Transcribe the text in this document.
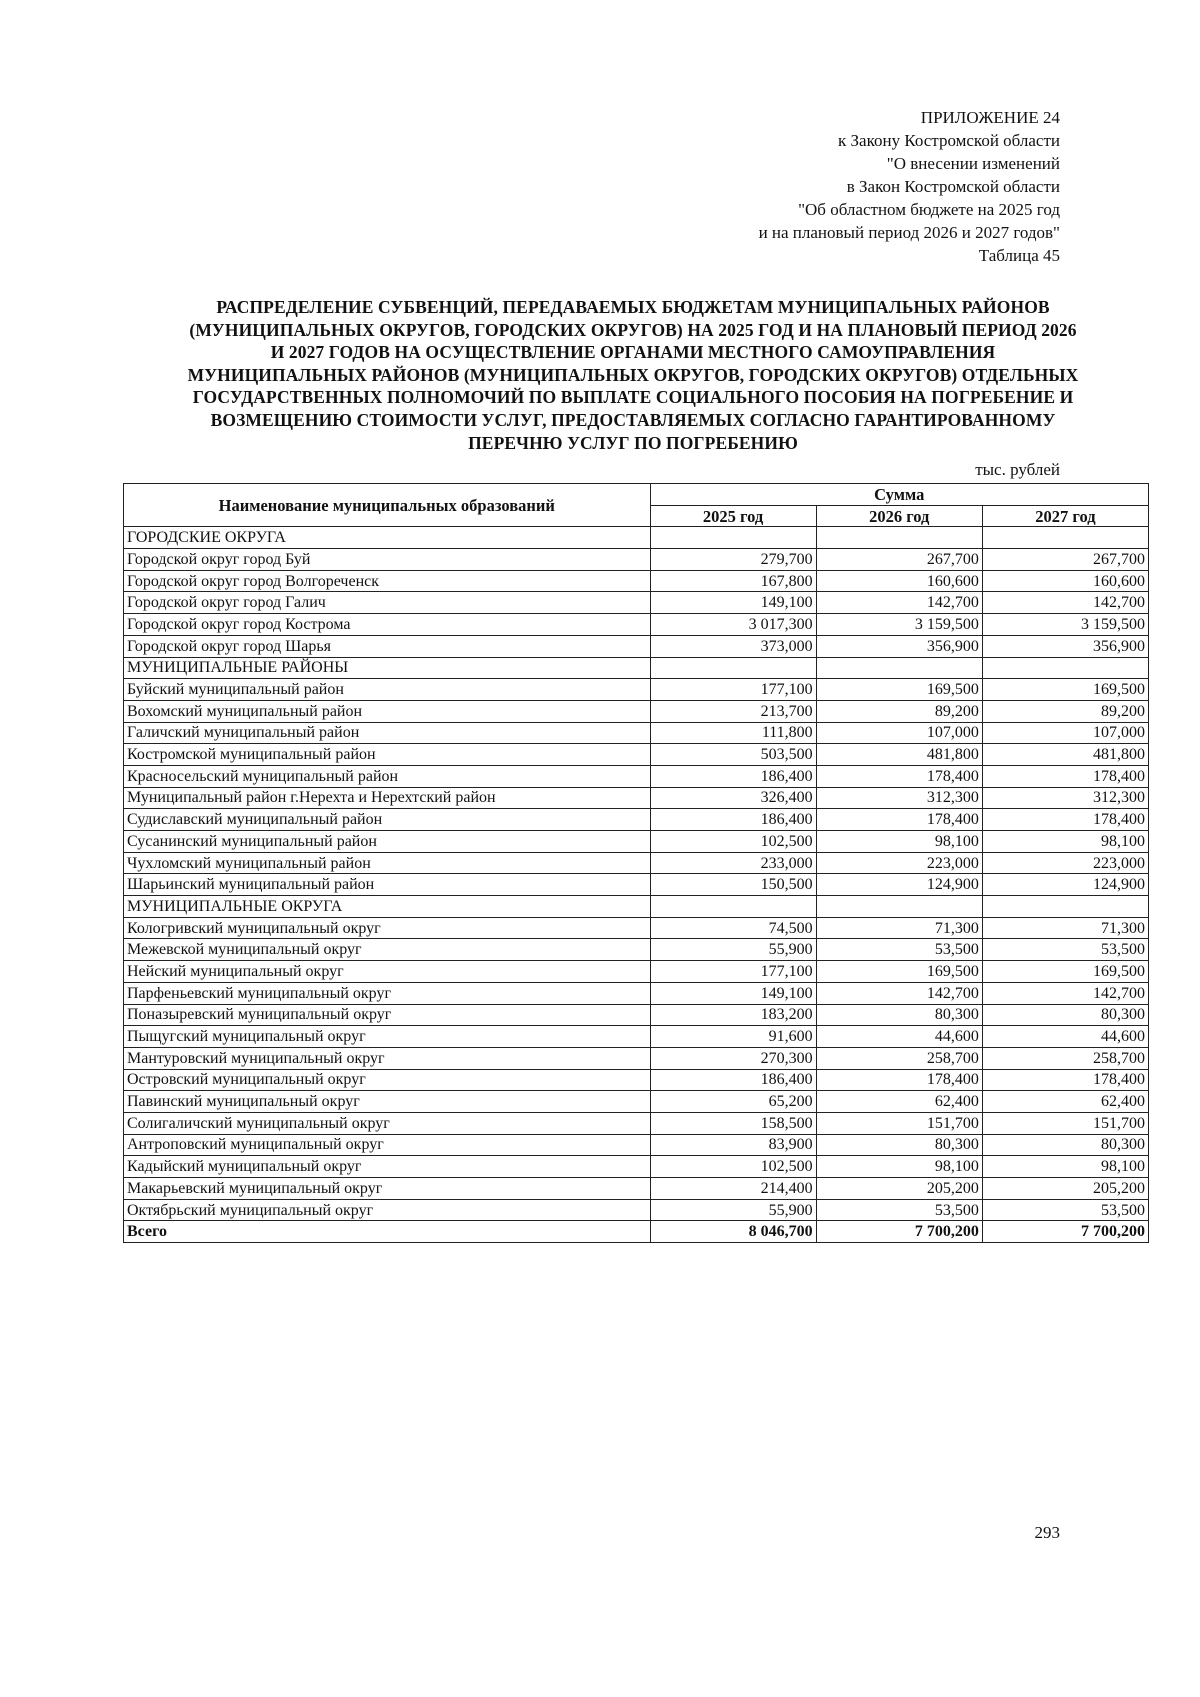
ПРИЛОЖЕНИЕ 24
к Закону Костромской области
"О внесении изменений
в Закон Костромской области
"Об областном бюджете на 2025 год
и на плановый период 2026 и 2027 годов"
Таблица 45
РАСПРЕДЕЛЕНИЕ СУБВЕНЦИЙ, ПЕРЕДАВАЕМЫХ БЮДЖЕТАМ МУНИЦИПАЛЬНЫХ РАЙОНОВ
(МУНИЦИПАЛЬНЫХ ОКРУГОВ, ГОРОДСКИХ ОКРУГОВ) НА 2025 ГОД И НА ПЛАНОВЫЙ ПЕРИОД 2026
И 2027 ГОДОВ НА ОСУЩЕСТВЛЕНИЕ ОРГАНАМИ МЕСТНОГО САМОУПРАВЛЕНИЯ
МУНИЦИПАЛЬНЫХ РАЙОНОВ (МУНИЦИПАЛЬНЫХ ОКРУГОВ, ГОРОДСКИХ ОКРУГОВ) ОТДЕЛЬНЫХ
ГОСУДАРСТВЕННЫХ ПОЛНОМОЧИЙ ПО ВЫПЛАТЕ СОЦИАЛЬНОГО ПОСОБИЯ НА ПОГРЕБЕНИЕ И
ВОЗМЕЩЕНИЮ СТОИМОСТИ УСЛУГ, ПРЕДОСТАВЛЯЕМЫХ СОГЛАСНО ГАРАНТИРОВАННОМУ
ПЕРЕЧНЮ УСЛУГ ПО ПОГРЕБЕНИЮ
тыс. рублей
Наименование муниципальных образований	Сумма		
	2025 год	2026 год	2027 год
ГОРОДСКИЕ ОКРУГА			
Городской округ город Буй	279,700	267,700	267,700
Городской округ город Волгореченск	167,800	160,600	160,600
Городской округ город Галич	149,100	142,700	142,700
Городской округ город Кострома	3 017,300	3 159,500	3 159,500
Городской округ город Шарья	373,000	356,900	356,900
МУНИЦИПАЛЬНЫЕ РАЙОНЫ			
Буйский муниципальный район	177,100	169,500	169,500
Вохомский муниципальный район	213,700	89,200	89,200
Галичский муниципальный район	111,800	107,000	107,000
Костромской муниципальный район	503,500	481,800	481,800
Красносельский муниципальный район	186,400	178,400	178,400
Муниципальный район г.Нерехта и Нерехтский район	326,400	312,300	312,300
Судиславский муниципальный район	186,400	178,400	178,400
Сусанинский муниципальный район	102,500	98,100	98,100
Чухломский муниципальный район	233,000	223,000	223,000
Шарьинский муниципальный район	150,500	124,900	124,900
МУНИЦИПАЛЬНЫЕ ОКРУГА			
Кологривский муниципальный округ	74,500	71,300	71,300
Межевской муниципальный округ	55,900	53,500	53,500
Нейский муниципальный округ	177,100	169,500	169,500
Парфеньевский муниципальный округ	149,100	142,700	142,700
Поназыревский муниципальный округ	183,200	80,300	80,300
Пыщугский муниципальный округ	91,600	44,600	44,600
Мантуровский муниципальный округ	270,300	258,700	258,700
Островский муниципальный округ	186,400	178,400	178,400
Павинский муниципальный округ	65,200	62,400	62,400
Солигаличский муниципальный округ	158,500	151,700	151,700
Антроповский муниципальный округ	83,900	80,300	80,300
Кадыйский муниципальный округ	102,500	98,100	98,100
Макарьевский муниципальный округ	214,400	205,200	205,200
Октябрьский муниципальный округ	55,900	53,500	53,500
Всего	8 046,700	7 700,200	7 700,200
293
